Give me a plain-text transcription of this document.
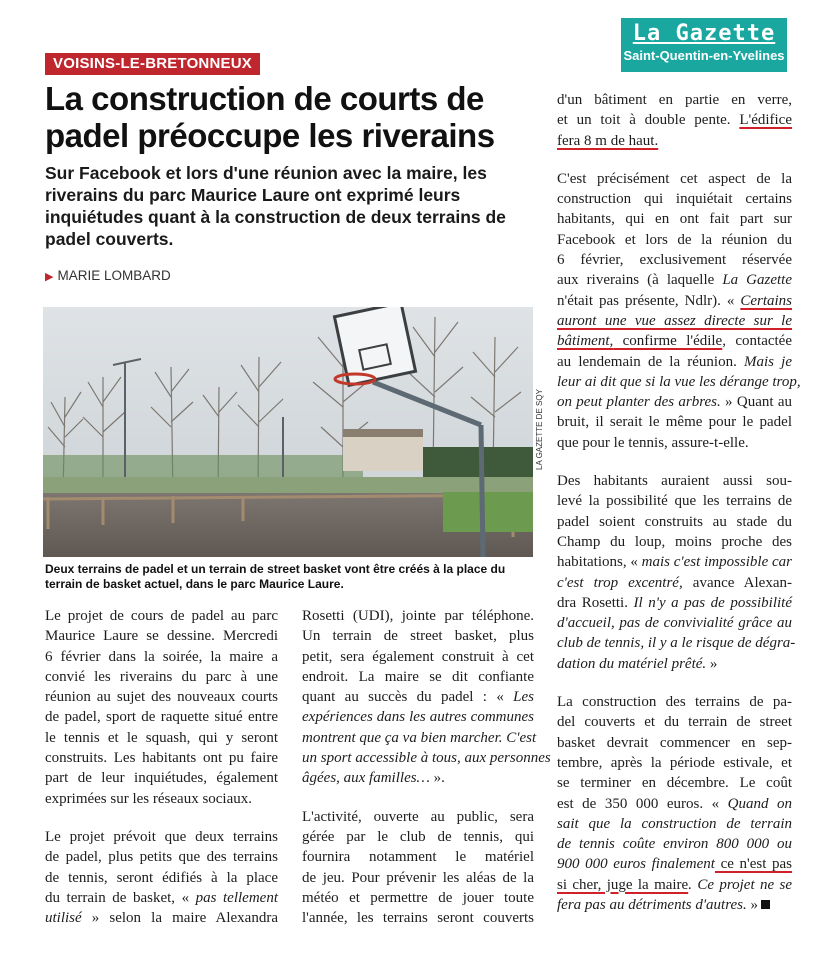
La Gazette
Saint-Quentin-en-Yvelines
VOISINS-LE-BRETONNEUX
La construction de courts de padel préoccupe les riverains
Sur Facebook et lors d'une réunion avec la maire, les riverains du parc Maurice Laure ont exprimé leurs inquiétudes quant à la construction de deux terrains de padel couverts.
▶ MARIE LOMBARD
LA GAZETTE DE SQY
Deux terrains de padel et un terrain de street basket vont être créés à la place du terrain de basket actuel, dans le parc Maurice Laure.

Le projet de cours de padel au parc
Maurice Laure se dessine. Mercredi
6 février dans la soirée, la maire a
convié les riverains du parc à une
réunion au sujet des nouveaux courts
de padel, sport de raquette situé entre
le tennis et le squash, qui y seront
construits. Les habitants ont pu faire
part de leur inquiétudes, également
exprimées sur les réseaux sociaux.

Le projet prévoit que deux terrains
de padel, plus petits que des terrains
de tennis, seront édifiés à la place
du terrain de basket, « pas tellement
utilisé » selon la maire Alexandra

Rosetti (UDI), jointe par téléphone.
Un terrain de street basket, plus
petit, sera également construit à cet
endroit. La maire se dit confiante
quant au succès du padel : « Les
expériences dans les autres communes
montrent que ça va bien marcher. C'est
un sport accessible à tous, aux personnes
âgées, aux familles… ».

L'activité, ouverte au public, sera
gérée par le club de tennis, qui
fournira notamment le matériel
de jeu. Pour prévenir les aléas de la
météo et permettre de jouer toute
l'année, les terrains seront couverts

d'un bâtiment en partie en verre,
et un toit à double pente. L'édifice
fera 8 m de haut.

C'est précisément cet aspect de la
construction qui inquiétait certains
habitants, qui en ont fait part sur
Facebook et lors de la réunion du
6 février, exclusivement réservée
aux riverains (à laquelle La Gazette
n'était pas présente, Ndlr). « Certains
auront une vue assez directe sur le
bâtiment, confirme l'édile, contactée
au lendemain de la réunion. Mais je
leur ai dit que si la vue les dérange trop,
on peut planter des arbres. » Quant au
bruit, il serait le même pour le padel
que pour le tennis, assure-t-elle.

Des habitants auraient aussi sou-
levé la possibilité que les terrains de
padel soient construits au stade du
Champ du loup, moins proche des
habitations, « mais c'est impossible car
c'est trop excentré, avance Alexan-
dra Rosetti. Il n'y a pas de possibilité
d'accueil, pas de convivialité grâce au
club de tennis, il y a le risque de dégra-
dation du matériel prêté. »

La construction des terrains de pa-
del couverts et du terrain de street
basket devrait commencer en sep-
tembre, après la période estivale, et
se terminer en décembre. Le coût
est de 350 000 euros. « Quand on
sait que la construction de terrain
de tennis coûte environ 800 000 ou
900 000 euros finalement ce n'est pas
si cher, juge la maire. Ce projet ne se
fera pas au détriments d'autres. »
